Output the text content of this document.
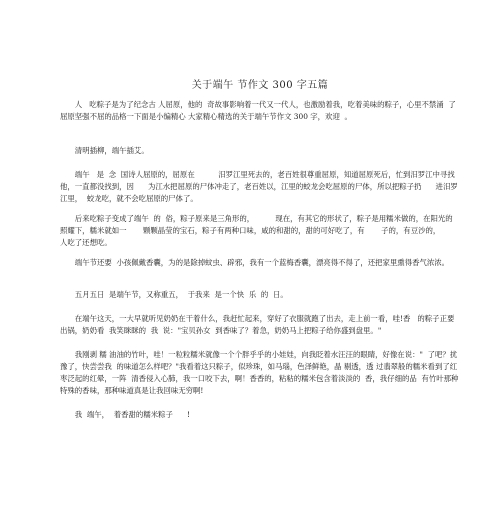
关于端午 节作文 300 字五篇

人   吃粽子是为了纪念古 人屈原，他的  奇故事影响着一代又一代人，也激励着我，吃着美味的粽子，心里不禁涌  了屈原坚强不屈的品格一下面是小编精心 大家精心精选的关于端午节作文 300 字，欢迎  。

清明插柳，端午插艾。

端午   是  念  国诗人屈原的，屈原在          汨罗江里死去的，老百姓很尊重屈原，知道屈原死后，忙到汨罗江中寻找他，一直都没找到，因      为江水把屈原的尸体冲走了，老百姓以，江里的蛟龙会吃屈原的尸体，所以把粽子扔      进汨罗江里，  蛟龙吃，就不会吃屈原的尸体了。

后来吃粽子变成了端午  的  俗，粽子原来是三角形的，         现在，有其它的形状了，粽子是用糯米做的，在阳光的照耀下，糯米就如一       颗颗晶莹的宝石，粽子有两种口味，咸的和甜的，甜的可好吃了，有       子的，有豆沙的，          人吃了还想吃。

端午节还要  小孩佩戴香囊，为的是除掉蚊虫、辟邪，我有一个蓝梅香囊，漂亮得不得了，还把家里熏得香气浓浓。

五月五日  是端午节，又称重五，  于我来  是一个快  乐  的  日。

在端午这天，一大早就听见奶奶在干着什么，我赶忙起来，穿好了衣服就跑了出去，走上前一看，哇!香   的粽子正要出锅，奶奶看  我笑眯眯的  我  说："宝贝孙女  到香味了？着急，奶奶马上把粽子给你盛到盘里。"

我刚剥 糯 油油的竹叶，哇！一粒粒糯米就像一个个胖乎乎的小娃娃，向我眨着水汪汪的眼睛，好像在说："  了吧？扰豫了，快尝尝我  的味道怎么样吧？"我看着这只粽子，似珍珠，如马瑙，色泽鲜艳，晶 剔透，透 过翡翠般的糯米看到了红枣泛起的红晕，一阵  清香侵入心肺，我一口咬下去，啊！香香的，粘粘的糯米包含着淡淡的  香，我仔细的品  有竹叶那种特殊的香味，那种味道真是让我回味无穷啊!

我  端午，  着香甜的糯米粽子      !
